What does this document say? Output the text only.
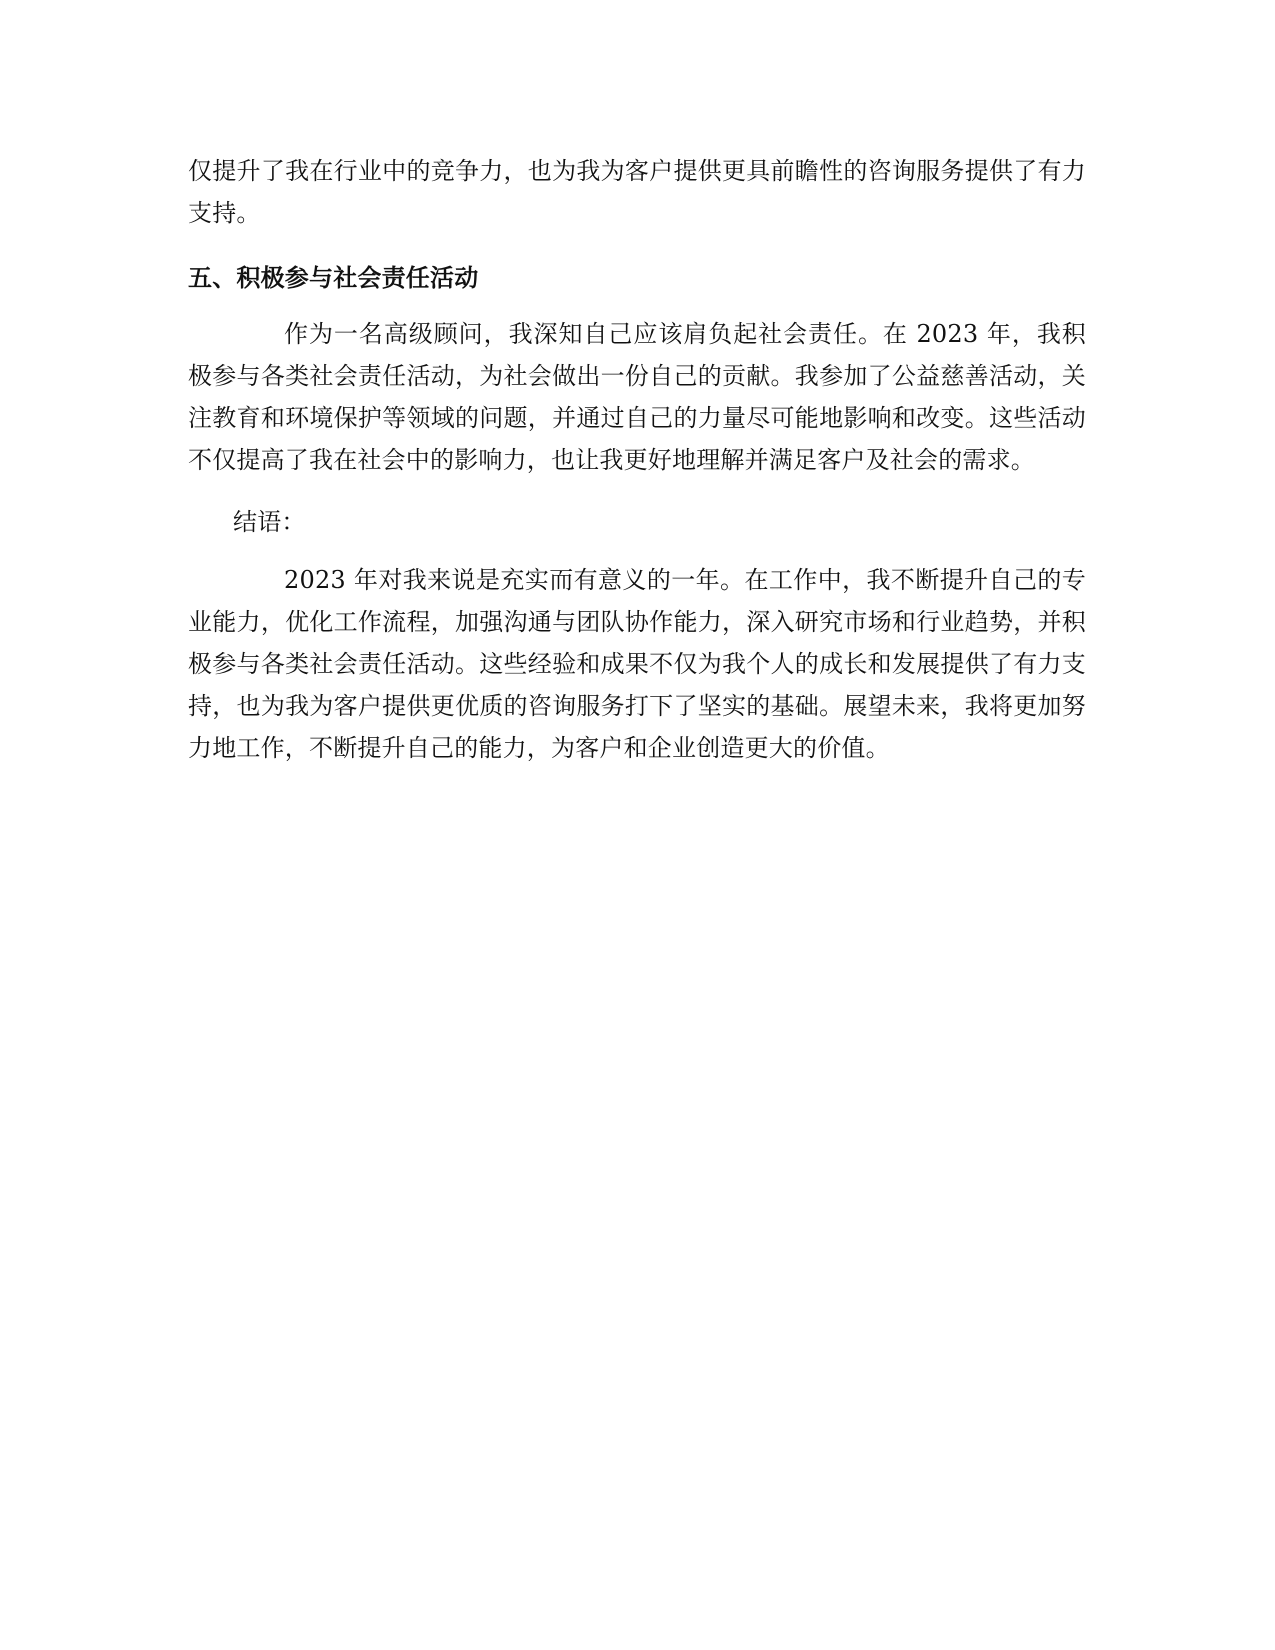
仅提升了我在行业中的竞争力，也为我为客户提供更具前瞻性的咨询服务提供了有力支持。

五、积极参与社会责任活动

作为一名高级顾问，我深知自己应该肩负起社会责任。在 2023 年，我积极参与各类社会责任活动，为社会做出一份自己的贡献。我参加了公益慈善活动，关注教育和环境保护等领域的问题，并通过自己的力量尽可能地影响和改变。这些活动不仅提高了我在社会中的影响力，也让我更好地理解并满足客户及社会的需求。

结语：

2023 年对我来说是充实而有意义的一年。在工作中，我不断提升自己的专业能力，优化工作流程，加强沟通与团队协作能力，深入研究市场和行业趋势，并积极参与各类社会责任活动。这些经验和成果不仅为我个人的成长和发展提供了有力支持，也为我为客户提供更优质的咨询服务打下了坚实的基础。展望未来，我将更加努力地工作，不断提升自己的能力，为客户和企业创造更大的价值。
